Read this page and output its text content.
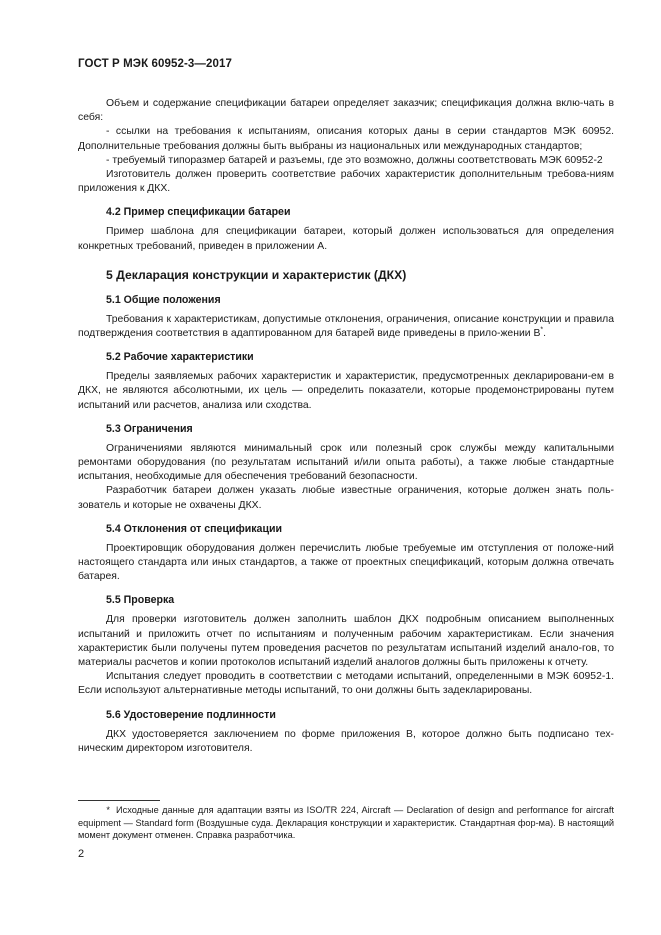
ГОСТ Р МЭК 60952-3—2017

Объем и содержание спецификации батареи определяет заказчик; спецификация должна вклю-чать в себя:

- ссылки на требования к испытаниям, описания которых даны в серии стандартов МЭК 60952. Дополнительные требования должны быть выбраны из национальных или международных стандартов;

- требуемый типоразмер батарей и разъемы, где это возможно, должны соответствовать МЭК 60952-2

Изготовитель должен проверить соответствие рабочих характеристик дополнительным требова-ниям приложения к ДКХ.

4.2 Пример спецификации батареи

Пример шаблона для спецификации батареи, который должен использоваться для определения конкретных требований, приведен в приложении А.

5 Декларация конструкции и характеристик (ДКХ)
5.1 Общие положения

Требования к характеристикам, допустимые отклонения, ограничения, описание конструкции и правила подтверждения соответствия в адаптированном для батарей виде приведены в прило-жении В*.

5.2 Рабочие характеристики

Пределы заявляемых рабочих характеристик и характеристик, предусмотренных декларировани-ем в ДКХ, не являются абсолютными, их цель — определить показатели, которые продемонстрированы путем испытаний или расчетов, анализа или сходства.

5.3 Ограничения

Ограничениями являются минимальный срок или полезный срок службы между капитальными ремонтами оборудования (по результатам испытаний и/или опыта работы), а также любые стандартные испытания, необходимые для обеспечения требований безопасности.

Разработчик батареи должен указать любые известные ограничения, которые должен знать поль-зователь и которые не охвачены ДКХ.

5.4 Отклонения от спецификации

Проектировщик оборудования должен перечислить любые требуемые им отступления от положе-ний настоящего стандарта или иных стандартов, а также от проектных спецификаций, которым должна отвечать батарея.

5.5 Проверка

Для проверки изготовитель должен заполнить шаблон ДКХ подробным описанием выполненных испытаний и приложить отчет по испытаниям и полученным рабочим характеристикам. Если значения характеристик были получены путем проведения расчетов по результатам испытаний изделий анало-гов, то материалы расчетов и копии протоколов испытаний изделий аналогов должны быть приложены к отчету.

Испытания следует проводить в соответствии с методами испытаний, определенными в МЭК 60952-1. Если используют альтернативные методы испытаний, то они должны быть задекларированы.

5.6 Удостоверение подлинности

ДКХ удостоверяется заключением по форме приложения В, которое должно быть подписано тех-ническим директором изготовителя.

* Исходные данные для адаптации взяты из ISO/TR 224, Aircraft — Declaration of design and performance for aircraft equipment — Standard form (Воздушные суда. Декларация конструкции и характеристик. Стандартная фор-ма). В настоящий момент документ отменен. Справка разработчика.
2
